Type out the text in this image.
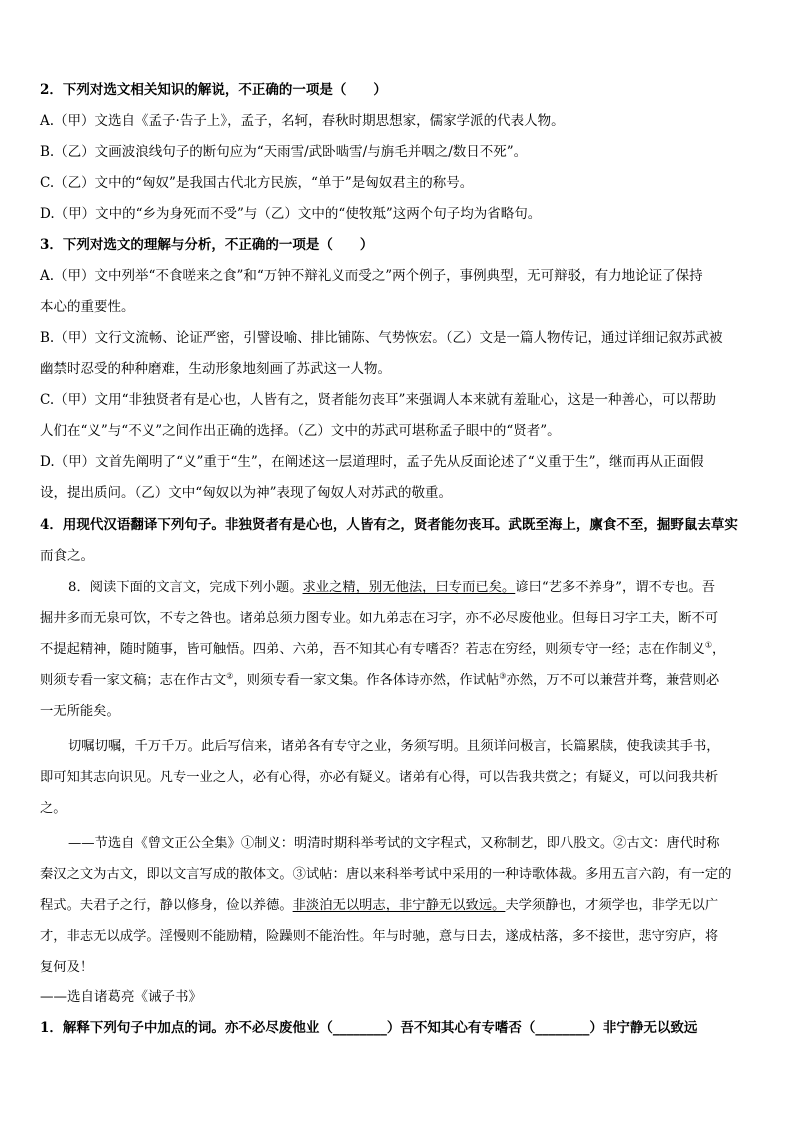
2．下列对选文相关知识的解说，不正确的一项是（　　）
A.（甲）文选自《孟子·告子上》，孟子，名轲，春秋时期思想家，儒家学派的代表人物。
B.（乙）文画波浪线句子的断句应为“天雨雪/武卧啮雪/与旃毛并咽之/数日不死”。
C.（乙）文中的“匈奴”是我国古代北方民族，“单于”是匈奴君主的称号。
D.（甲）文中的“乡为身死而不受”与（乙）文中的“使牧羝”这两个句子均为省略句。
3．下列对选文的理解与分析，不正确的一项是（　　）
A.（甲）文中列举“不食嗟来之食”和“万钟不辩礼义而受之”两个例子，事例典型，无可辩驳，有力地论证了保持
本心的重要性。
B.（甲）文行文流畅、论证严密，引譬设喻、排比铺陈、气势恢宏。（乙）文是一篇人物传记，通过详细记叙苏武被
幽禁时忍受的种种磨难，生动形象地刻画了苏武这一人物。
C.（甲）文用“非独贤者有是心也，人皆有之，贤者能勿丧耳”来强调人本来就有羞耻心，这是一种善心，可以帮助
人们在“义”与“不义”之间作出正确的选择。（乙）文中的苏武可堪称孟子眼中的“贤者”。
D.（甲）文首先阐明了“义”重于“生”，在阐述这一层道理时，孟子先从反面论述了“义重于生”，继而再从正面假
设，提出质问。（乙）文中“匈奴以为神”表现了匈奴人对苏武的敬重。
4．用现代汉语翻译下列句子。非独贤者有是心也，人皆有之，贤者能勿丧耳。武既至海上，廪食不至，掘野鼠去草实
而食之。
8．阅读下面的文言文，完成下列小题。求业之精，别无他法，曰专而已矣。谚曰“艺多不养身”，谓不专也。吾
掘井多而无泉可饮，不专之咎也。诸弟总须力图专业。如九弟志在习字，亦不必尽废他业。但每日习字工夫，断不可
不提起精神，随时随事，皆可触悟。四弟、六弟，吾不知其心有专嗜否？若志在穷经，则须专守一经；志在作制义①，
则须专看一家文稿；志在作古文②，则须专看一家文集。作各体诗亦然，作试帖③亦然，万不可以兼营并骛，兼营则必
一无所能矣。
切嘱切嘱，千万千万。此后写信来，诸弟各有专守之业，务须写明。且须详问极言，长篇累牍，使我读其手书，
即可知其志向识见。凡专一业之人，必有心得，亦必有疑义。诸弟有心得，可以告我共赏之；有疑义，可以问我共析
之。
——节选自《曾文正公全集》①制义：明清时期科举考试的文字程式，又称制艺，即八股文。②古文：唐代时称
秦汉之文为古文，即以文言写成的散体文。③试帖：唐以来科举考试中采用的一种诗歌体裁。多用五言六韵，有一定的
程式。夫君子之行，静以修身，俭以养德。非淡泊无以明志，非宁静无以致远。夫学须静也，才须学也，非学无以广
才，非志无以成学。淫慢则不能励精，险躁则不能治性。年与时驰，意与日去，遂成枯落，多不接世，悲守穷庐，将
复何及！
——选自诸葛亮《诫子书》
1．解释下列句子中加点的词。亦不必尽废他业（________）吾不知其心有专嗜否（________）非宁静无以致远
